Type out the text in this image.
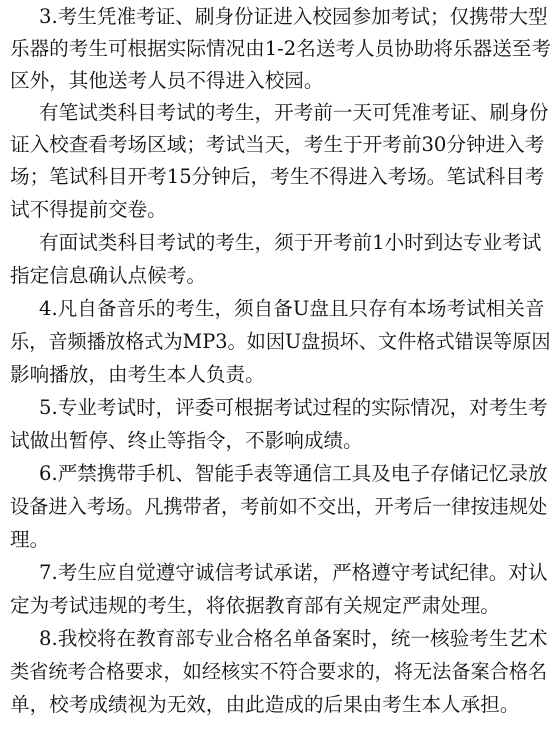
3.考生凭准考证、刷身份证进入校园参加考试；仅携带大型
乐器的考生可根据实际情况由1-2名送考人员协助将乐器送至考
区外，其他送考人员不得进入校园。
有笔试类科目考试的考生，开考前一天可凭准考证、刷身份
证入校查看考场区域；考试当天，考生于开考前30分钟进入考
场；笔试科目开考15分钟后，考生不得进入考场。笔试科目考
试不得提前交卷。
有面试类科目考试的考生，须于开考前1小时到达专业考试
指定信息确认点候考。
4.凡自备音乐的考生，须自备U盘且只存有本场考试相关音
乐，音频播放格式为MP3。如因U盘损坏、文件格式错误等原因
影响播放，由考生本人负责。
5.专业考试时，评委可根据考试过程的实际情况，对考生考
试做出暂停、终止等指令，不影响成绩。
6.严禁携带手机、智能手表等通信工具及电子存储记忆录放
设备进入考场。凡携带者，考前如不交出，开考后一律按违规处
理。
7.考生应自觉遵守诚信考试承诺，严格遵守考试纪律。对认
定为考试违规的考生，将依据教育部有关规定严肃处理。
8.我校将在教育部专业合格名单备案时，统一核验考生艺术
类省统考合格要求，如经核实不符合要求的，将无法备案合格名
单，校考成绩视为无效，由此造成的后果由考生本人承担。
